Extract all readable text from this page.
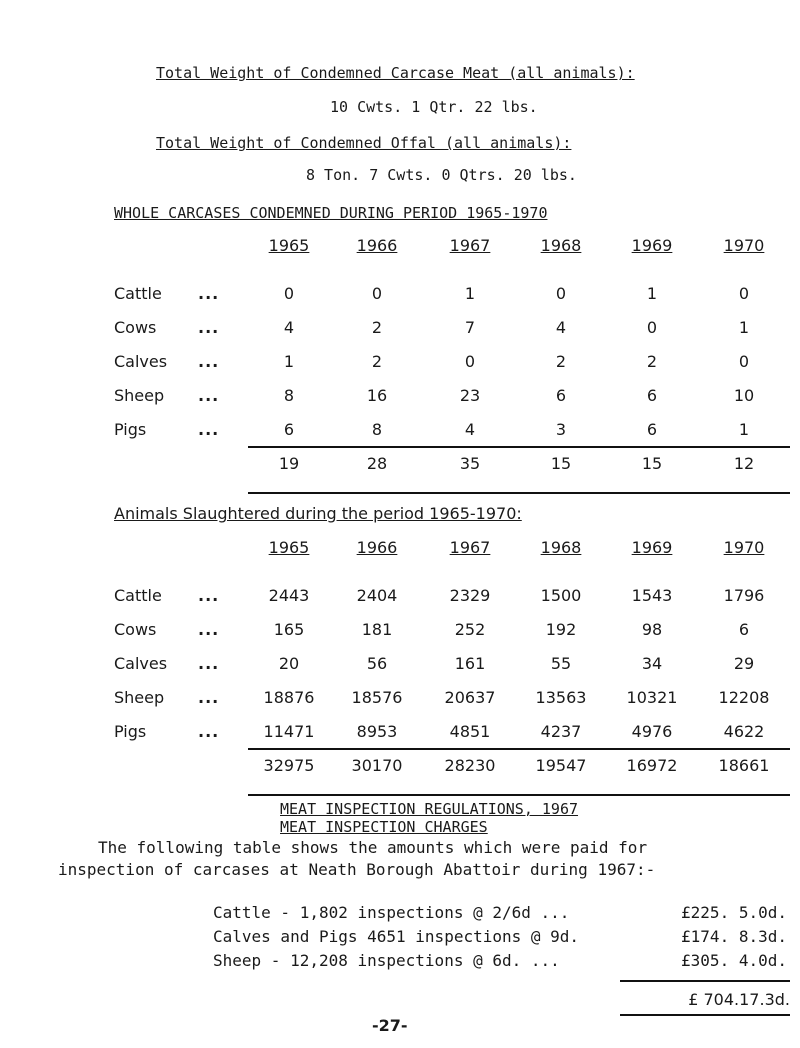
Total Weight of Condemned Carcase Meat (all animals):
10 Cwts. 1 Qtr. 22 lbs.
Total Weight of Condemned Offal (all animals):
8 Ton. 7 Cwts. 0 Qtrs. 20 lbs.
WHOLE CARCASES CONDEMNED DURING PERIOD 1965-1970
		1965	1966	1967	1968	1969	1970
Cattle	...	0	0	1	0	1	0
Cows	...	4	2	7	4	0	1
Calves	...	1	2	0	2	2	0
Sheep	...	8	16	23	6	6	10
Pigs	...	6	8	4	3	6	1
		19	28	35	15	15	12
Animals Slaughtered during the period 1965-1970:
		1965	1966	1967	1968	1969	1970
Cattle	...	2443	2404	2329	1500	1543	1796
Cows	...	165	181	252	192	98	6
Calves	...	20	56	161	55	34	29
Sheep	...	18876	18576	20637	13563	10321	12208
Pigs	...	11471	8953	4851	4237	4976	4622
		32975	30170	28230	19547	16972	18661
MEAT INSPECTION REGULATIONS, 1967
MEAT INSPECTION CHARGES
The following table shows the amounts which were paid for
inspection of carcases at Neath Borough Abattoir during 1967:-
Cattle - 1,802 inspections @ 2/6d ...	£225. 5.0d.
Calves and Pigs 4651 inspections @ 9d.	£174. 8.3d.
Sheep - 12,208 inspections @ 6d. ...	£305. 4.0d.
£ 704.17.3d.
-27-
